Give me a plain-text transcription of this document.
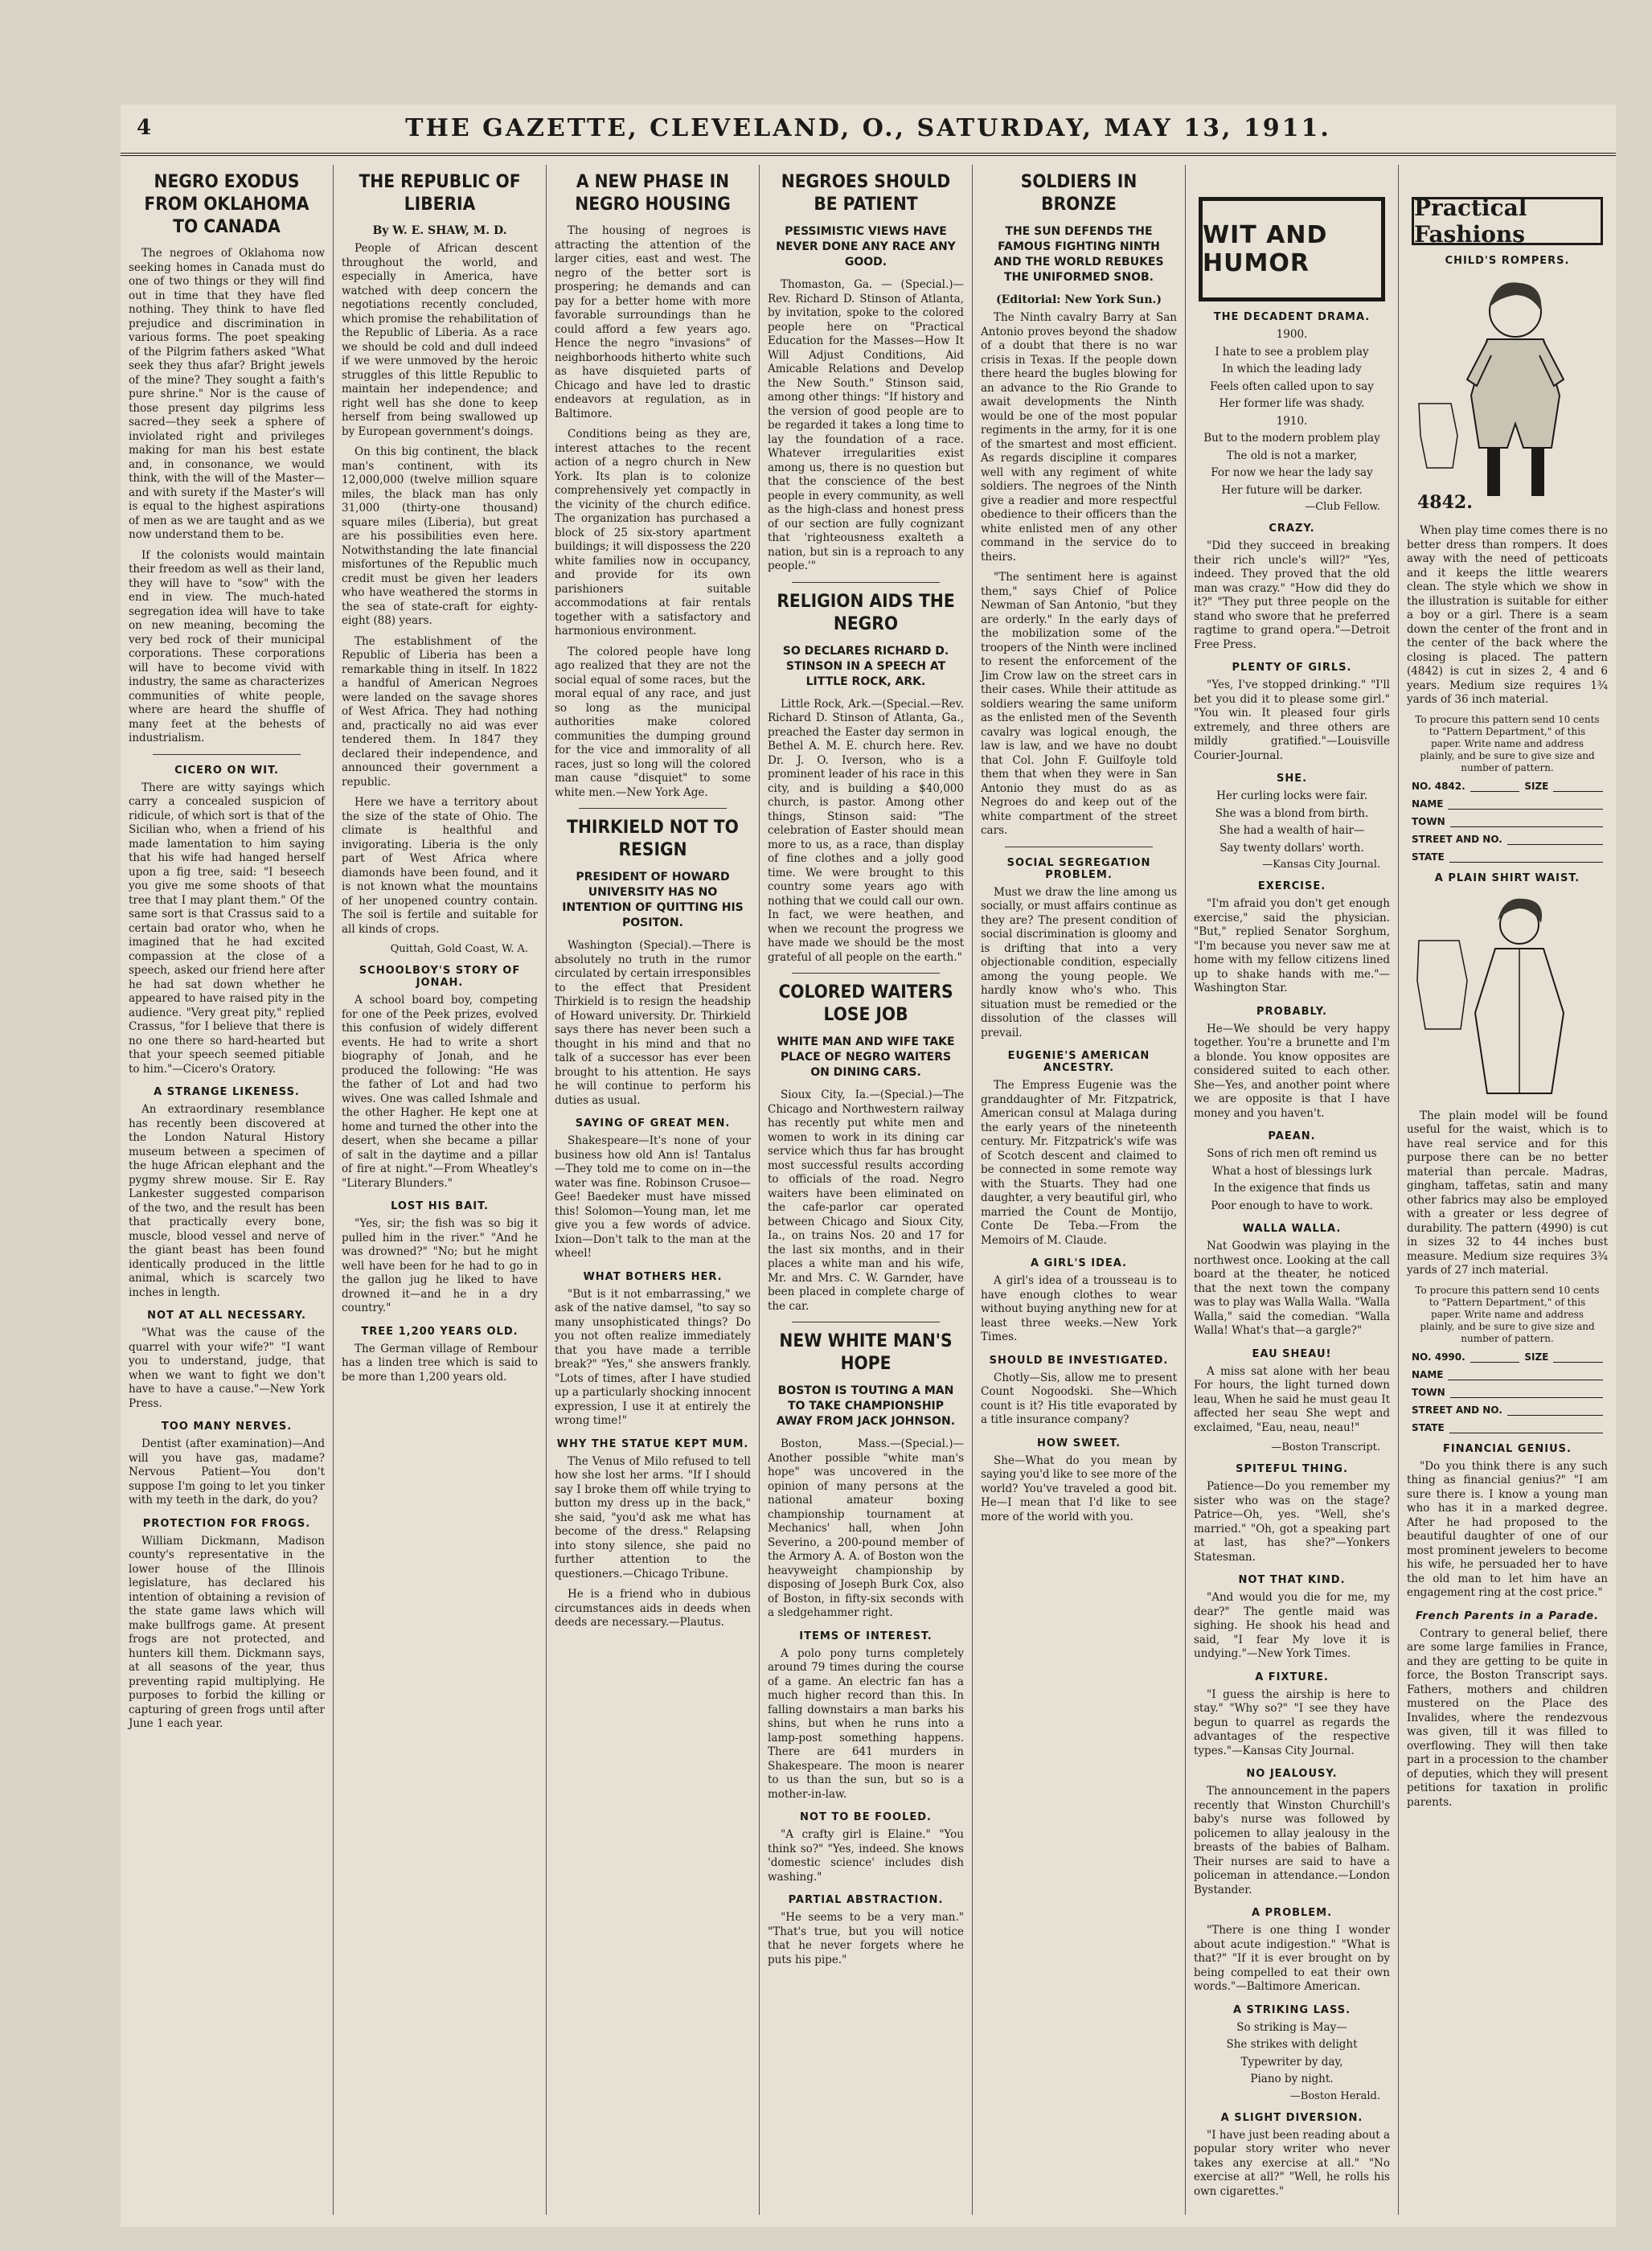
4	THE GAZETTE, CLEVELAND, O., SATURDAY, MAY 13, 1911.
NEGRO EXODUS FROM OKLAHOMA TO CANADA

The negroes of Oklahoma now seeking homes in Canada must do one of two things or they will find out in time that they have fled nothing. They think to have fled prejudice and discrimination in various forms. The poet speaking of the Pilgrim fathers asked "What seek they thus afar? Bright jewels of the mine? They sought a faith's pure shrine." Nor is the cause of those present day pilgrims less sacred—they seek a sphere of inviolated right and privileges making for man his best estate and, in consonance, we would think, with the will of the Master—and with surety if the Master's will is equal to the highest aspirations of men as we are taught and as we now understand them to be.

If the colonists would maintain their freedom as well as their land, they will have to "sow" with the end in view. The much-hated segregation idea will have to take on new meaning, becoming the very bed rock of their municipal corporations. These corporations will have to become vivid with industry, the same as characterizes communities of white people, where are heard the shuffle of many feet at the behests of industrialism.

CICERO ON WIT.

There are witty sayings which carry a concealed suspicion of ridicule, of which sort is that of the Sicilian who, when a friend of his made lamentation to him saying that his wife had hanged herself upon a fig tree, said: "I beseech you give me some shoots of that tree that I may plant them." Of the same sort is that Crassus said to a certain bad orator who, when he imagined that he had excited compassion at the close of a speech, asked our friend here after he had sat down whether he appeared to have raised pity in the audience. "Very great pity," replied Crassus, "for I believe that there is no one there so hard-hearted but that your speech seemed pitiable to him."—Cicero's Oratory.

A STRANGE LIKENESS.

An extraordinary resemblance has recently been discovered at the London Natural History museum between a specimen of the huge African elephant and the pygmy shrew mouse. Sir E. Ray Lankester suggested comparison of the two, and the result has been that practically every bone, muscle, blood vessel and nerve of the giant beast has been found identically produced in the little animal, which is scarcely two inches in length.

NOT AT ALL NECESSARY.

"What was the cause of the quarrel with your wife?" "I want you to understand, judge, that when we want to fight we don't have to have a cause."—New York Press.

TOO MANY NERVES.

Dentist (after examination)—And will you have gas, madame? Nervous Patient—You don't suppose I'm going to let you tinker with my teeth in the dark, do you?

PROTECTION FOR FROGS.

William Dickmann, Madison county's representative in the lower house of the Illinois legislature, has declared his intention of obtaining a revision of the state game laws which will make bullfrogs game. At present frogs are not protected, and hunters kill them. Dickmann says, at all seasons of the year, thus preventing rapid multiplying. He purposes to forbid the killing or capturing of green frogs until after June 1 each year.

THE REPUBLIC OF LIBERIA
By W. E. SHAW, M. D.

People of African descent throughout the world, and especially in America, have watched with deep concern the negotiations recently concluded, which promise the rehabilitation of the Republic of Liberia. As a race we should be cold and dull indeed if we were unmoved by the heroic struggles of this little Republic to maintain her independence; and right well has she done to keep herself from being swallowed up by European government's doings.

On this big continent, the black man's continent, with its 12,000,000 (twelve million square miles, the black man has only 31,000 (thirty-one thousand) square miles (Liberia), but great are his possibilities even here. Notwithstanding the late financial misfortunes of the Republic much credit must be given her leaders who have weathered the storms in the sea of state-craft for eighty-eight (88) years.

The establishment of the Republic of Liberia has been a remarkable thing in itself. In 1822 a handful of American Negroes were landed on the savage shores of West Africa. They had nothing and, practically no aid was ever tendered them. In 1847 they declared their independence, and announced their government a republic.

Here we have a territory about the size of the state of Ohio. The climate is healthful and invigorating. Liberia is the only part of West Africa where diamonds have been found, and it is not known what the mountains of her unopened country contain. The soil is fertile and suitable for all kinds of crops.

Quittah, Gold Coast, W. A.
SCHOOLBOY'S STORY OF JONAH.

A school board boy, competing for one of the Peek prizes, evolved this confusion of widely different events. He had to write a short biography of Jonah, and he produced the following: "He was the father of Lot and had two wives. One was called Ishmale and the other Hagher. He kept one at home and turned the other into the desert, when she became a pillar of salt in the daytime and a pillar of fire at night."—From Wheatley's "Literary Blunders."

LOST HIS BAIT.

"Yes, sir; the fish was so big it pulled him in the river." "And he was drowned?" "No; but he might well have been for he had to go in the gallon jug he liked to have drowned it—and he in a dry country."

TREE 1,200 YEARS OLD.

The German village of Rembour has a linden tree which is said to be more than 1,200 years old.

A NEW PHASE IN NEGRO HOUSING

The housing of negroes is attracting the attention of the larger cities, east and west. The negro of the better sort is prospering; he demands and can pay for a better home with more favorable surroundings than he could afford a few years ago. Hence the negro "invasions" of neighborhoods hitherto white such as have disquieted parts of Chicago and have led to drastic endeavors at regulation, as in Baltimore.

Conditions being as they are, interest attaches to the recent action of a negro church in New York. Its plan is to colonize comprehensively yet compactly in the vicinity of the church edifice. The organization has purchased a block of 25 six-story apartment buildings; it will dispossess the 220 white families now in occupancy, and provide for its own parishioners suitable accommodations at fair rentals together with a satisfactory and harmonious environment.

The colored people have long ago realized that they are not the social equal of some races, but the moral equal of any race, and just so long as the municipal authorities make colored communities the dumping ground for the vice and immorality of all races, just so long will the colored man cause "disquiet" to some white men.—New York Age.

THIRKIELD NOT TO RESIGN
PRESIDENT OF HOWARD UNIVERSITY HAS NO INTENTION OF QUITTING HIS POSITON.

Washington (Special).—There is absolutely no truth in the rumor circulated by certain irresponsibles to the effect that President Thirkield is to resign the headship of Howard university. Dr. Thirkield says there has never been such a thought in his mind and that no talk of a successor has ever been brought to his attention. He says he will continue to perform his duties as usual.

SAYING OF GREAT MEN.

Shakespeare—It's none of your business how old Ann is! Tantalus—They told me to come on in—the water was fine. Robinson Crusoe—Gee! Baedeker must have missed this! Solomon—Young man, let me give you a few words of advice. Ixion—Don't talk to the man at the wheel!

WHAT BOTHERS HER.

"But is it not embarrassing," we ask of the native damsel, "to say so many unsophisticated things? Do you not often realize immediately that you have made a terrible break?" "Yes," she answers frankly. "Lots of times, after I have studied up a particularly shocking innocent expression, I use it at entirely the wrong time!"

WHY THE STATUE KEPT MUM.

The Venus of Milo refused to tell how she lost her arms. "If I should say I broke them off while trying to button my dress up in the back," she said, "you'd ask me what has become of the dress." Relapsing into stony silence, she paid no further attention to the questioners.—Chicago Tribune.

He is a friend who in dubious circumstances aids in deeds when deeds are necessary.—Plautus.

NEGROES SHOULD BE PATIENT
PESSIMISTIC VIEWS HAVE NEVER DONE ANY RACE ANY GOOD.

Thomaston, Ga. — (Special.)—Rev. Richard D. Stinson of Atlanta, by invitation, spoke to the colored people here on "Practical Education for the Masses—How It Will Adjust Conditions, Aid Amicable Relations and Develop the New South." Stinson said, among other things: "If history and the version of good people are to be regarded it takes a long time to lay the foundation of a race. Whatever irregularities exist among us, there is no question but that the conscience of the best people in every community, as well as the high-class and honest press of our section are fully cognizant that 'righteousness exalteth a nation, but sin is a reproach to any people.'"

RELIGION AIDS THE NEGRO
SO DECLARES RICHARD D. STINSON IN A SPEECH AT LITTLE ROCK, ARK.

Little Rock, Ark.—(Special.—Rev. Richard D. Stinson of Atlanta, Ga., preached the Easter day sermon in Bethel A. M. E. church here. Rev. Dr. J. O. Iverson, who is a prominent leader of his race in this city, and is building a $40,000 church, is pastor. Among other things, Stinson said: "The celebration of Easter should mean more to us, as a race, than display of fine clothes and a jolly good time. We were brought to this country some years ago with nothing that we could call our own. In fact, we were heathen, and when we recount the progress we have made we should be the most grateful of all people on the earth."

COLORED WAITERS LOSE JOB
WHITE MAN AND WIFE TAKE PLACE OF NEGRO WAITERS ON DINING CARS.

Sioux City, Ia.—(Special.)—The Chicago and Northwestern railway has recently put white men and women to work in its dining car service which thus far has brought most successful results according to officials of the road. Negro waiters have been eliminated on the cafe-parlor car operated between Chicago and Sioux City, Ia., on trains Nos. 20 and 17 for the last six months, and in their places a white man and his wife, Mr. and Mrs. C. W. Garnder, have been placed in complete charge of the car.

NEW WHITE MAN'S HOPE
BOSTON IS TOUTING A MAN TO TAKE CHAMPIONSHIP AWAY FROM JACK JOHNSON.

Boston, Mass.—(Special.)—Another possible "white man's hope" was uncovered in the opinion of many persons at the national amateur boxing championship tournament at Mechanics' hall, when John Severino, a 200-pound member of the Armory A. A. of Boston won the heavyweight championship by disposing of Joseph Burk Cox, also of Boston, in fifty-six seconds with a sledgehammer right.

ITEMS OF INTEREST.

A polo pony turns completely around 79 times during the course of a game. An electric fan has a much higher record than this. In falling downstairs a man barks his shins, but when he runs into a lamp-post something happens. There are 641 murders in Shakespeare. The moon is nearer to us than the sun, but so is a mother-in-law.

NOT TO BE FOOLED.

"A crafty girl is Elaine." "You think so?" "Yes, indeed. She knows 'domestic science' includes dish washing."

PARTIAL ABSTRACTION.

"He seems to be a very man." "That's true, but you will notice that he never forgets where he puts his pipe."

SOLDIERS IN BRONZE
THE SUN DEFENDS THE FAMOUS FIGHTING NINTH AND THE WORLD REBUKES THE UNIFORMED SNOB.
(Editorial: New York Sun.)

The Ninth cavalry Barry at San Antonio proves beyond the shadow of a doubt that there is no war crisis in Texas. If the people down there heard the bugles blowing for an advance to the Rio Grande to await developments the Ninth would be one of the most popular regiments in the army, for it is one of the smartest and most efficient. As regards discipline it compares well with any regiment of white soldiers. The negroes of the Ninth give a readier and more respectful obedience to their officers than the white enlisted men of any other command in the service do to theirs.

"The sentiment here is against them," says Chief of Police Newman of San Antonio, "but they are orderly." In the early days of the mobilization some of the troopers of the Ninth were inclined to resent the enforcement of the Jim Crow law on the street cars in their cases. While their attitude as soldiers wearing the same uniform as the enlisted men of the Seventh cavalry was logical enough, the law is law, and we have no doubt that Col. John F. Guilfoyle told them that when they were in San Antonio they must do as as Negroes do and keep out of the white compartment of the street cars.

SOCIAL SEGREGATION PROBLEM.

Must we draw the line among us socially, or must affairs continue as they are? The present condition of social discrimination is gloomy and is drifting that into a very objectionable condition, especially among the young people. We hardly know who's who. This situation must be remedied or the dissolution of the classes will prevail.

EUGENIE'S AMERICAN ANCESTRY.

The Empress Eugenie was the granddaughter of Mr. Fitzpatrick, American consul at Malaga during the early years of the nineteenth century. Mr. Fitzpatrick's wife was of Scotch descent and claimed to be connected in some remote way with the Stuarts. They had one daughter, a very beautiful girl, who married the Count de Montijo, Conte De Teba.—From the Memoirs of M. Claude.

A GIRL'S IDEA.

A girl's idea of a trousseau is to have enough clothes to wear without buying anything new for at least three weeks.—New York Times.

SHOULD BE INVESTIGATED.

Chotly—Sis, allow me to present Count Nogoodski. She—Which count is it? His title evaporated by a title insurance company?

HOW SWEET.

She—What do you mean by saying you'd like to see more of the world? You've traveled a good bit. He—I mean that I'd like to see more of the world with you.

WIT AND HUMOR
THE DECADENT DRAMA.
1900.
I hate to see a problem play
In which the leading lady
Feels often called upon to say
Her former life was shady.
1910.
But to the modern problem play
The old is not a marker,
For now we hear the lady say
Her future will be darker.
—Club Fellow.
CRAZY.

"Did they succeed in breaking their rich uncle's will?" "Yes, indeed. They proved that the old man was crazy." "How did they do it?" "They put three people on the stand who swore that he preferred ragtime to grand opera."—Detroit Free Press.

PLENTY OF GIRLS.

"Yes, I've stopped drinking." "I'll bet you did it to please some girl." "You win. It pleased four girls extremely, and three others are mildly gratified."—Louisville Courier-Journal.

SHE.
Her curling locks were fair.
She was a blond from birth.
She had a wealth of hair—
Say twenty dollars' worth.
—Kansas City Journal.
EXERCISE.

"I'm afraid you don't get enough exercise," said the physician. "But," replied Senator Sorghum, "I'm because you never saw me at home with my fellow citizens lined up to shake hands with me."—Washington Star.

PROBABLY.

He—We should be very happy together. You're a brunette and I'm a blonde. You know opposites are considered suited to each other. She—Yes, and another point where we are opposite is that I have money and you haven't.

PAEAN.
Sons of rich men oft remind us
What a host of blessings lurk
In the exigence that finds us
Poor enough to have to work.
WALLA WALLA.

Nat Goodwin was playing in the northwest once. Looking at the call board at the theater, he noticed that the next town the company was to play was Walla Walla. "Walla Walla," said the comedian. "Walla Walla! What's that—a gargle?"

EAU SHEAU!

A miss sat alone with her beau For hours, the light turned down leau, When he said he must geau It affected her seau She wept and exclaimed, "Eau, neau, neau!"

—Boston Transcript.
SPITEFUL THING.

Patience—Do you remember my sister who was on the stage? Patrice—Oh, yes. "Well, she's married." "Oh, got a speaking part at last, has she?"—Yonkers Statesman.

NOT THAT KIND.

"And would you die for me, my dear?" The gentle maid was sighing. He shook his head and said, "I fear My love it is undying."—New York Times.

A FIXTURE.

"I guess the airship is here to stay." "Why so?" "I see they have begun to quarrel as regards the advantages of the respective types."—Kansas City Journal.

NO JEALOUSY.

The announcement in the papers recently that Winston Churchill's baby's nurse was followed by policemen to allay jealousy in the breasts of the babies of Balham. Their nurses are said to have a policeman in attendance.—London Bystander.

A PROBLEM.

"There is one thing I wonder about acute indigestion." "What is that?" "If it is ever brought on by being compelled to eat their own words."—Baltimore American.

A STRIKING LASS.
So striking is May—
She strikes with delight
Typewriter by day,
Piano by night.
—Boston Herald.
A SLIGHT DIVERSION.

"I have just been reading about a popular story writer who never takes any exercise at all." "No exercise at all?" "Well, he rolls his own cigarettes."

Practical Fashions
CHILD'S ROMPERS.
4842.

When play time comes there is no better dress than rompers. It does away with the need of petticoats and it keeps the little wearers clean. The style which we show in the illustration is suitable for either a boy or a girl. There is a seam down the center of the front and in the center of the back where the closing is placed. The pattern (4842) is cut in sizes 2, 4 and 6 years. Medium size requires 1¾ yards of 36 inch material.

To procure this pattern send 10 cents to "Pattern Department," of this paper. Write name and address plainly, and be sure to give size and number of pattern.

NO. 4842.	SIZE
NAME
TOWN
STREET AND NO.
STATE
A PLAIN SHIRT WAIST.

The plain model will be found useful for the waist, which is to have real service and for this purpose there can be no better material than percale. Madras, gingham, taffetas, satin and many other fabrics may also be employed with a greater or less degree of durability. The pattern (4990) is cut in sizes 32 to 44 inches bust measure. Medium size requires 3¾ yards of 27 inch material.

To procure this pattern send 10 cents to "Pattern Department," of this paper. Write name and address plainly, and be sure to give size and number of pattern.

NO. 4990.	SIZE
NAME
TOWN
STREET AND NO.
STATE
FINANCIAL GENIUS.

"Do you think there is any such thing as financial genius?" "I am sure there is. I know a young man who has it in a marked degree. After he had proposed to the beautiful daughter of one of our most prominent jewelers to become his wife, he persuaded her to have the old man to let him have an engagement ring at the cost price."

French Parents in a Parade.

Contrary to general belief, there are some large families in France, and they are getting to be quite in force, the Boston Transcript says. Fathers, mothers and children mustered on the Place des Invalides, where the rendezvous was given, till it was filled to overflowing. They will then take part in a procession to the chamber of deputies, which they will present petitions for taxation in prolific parents.
